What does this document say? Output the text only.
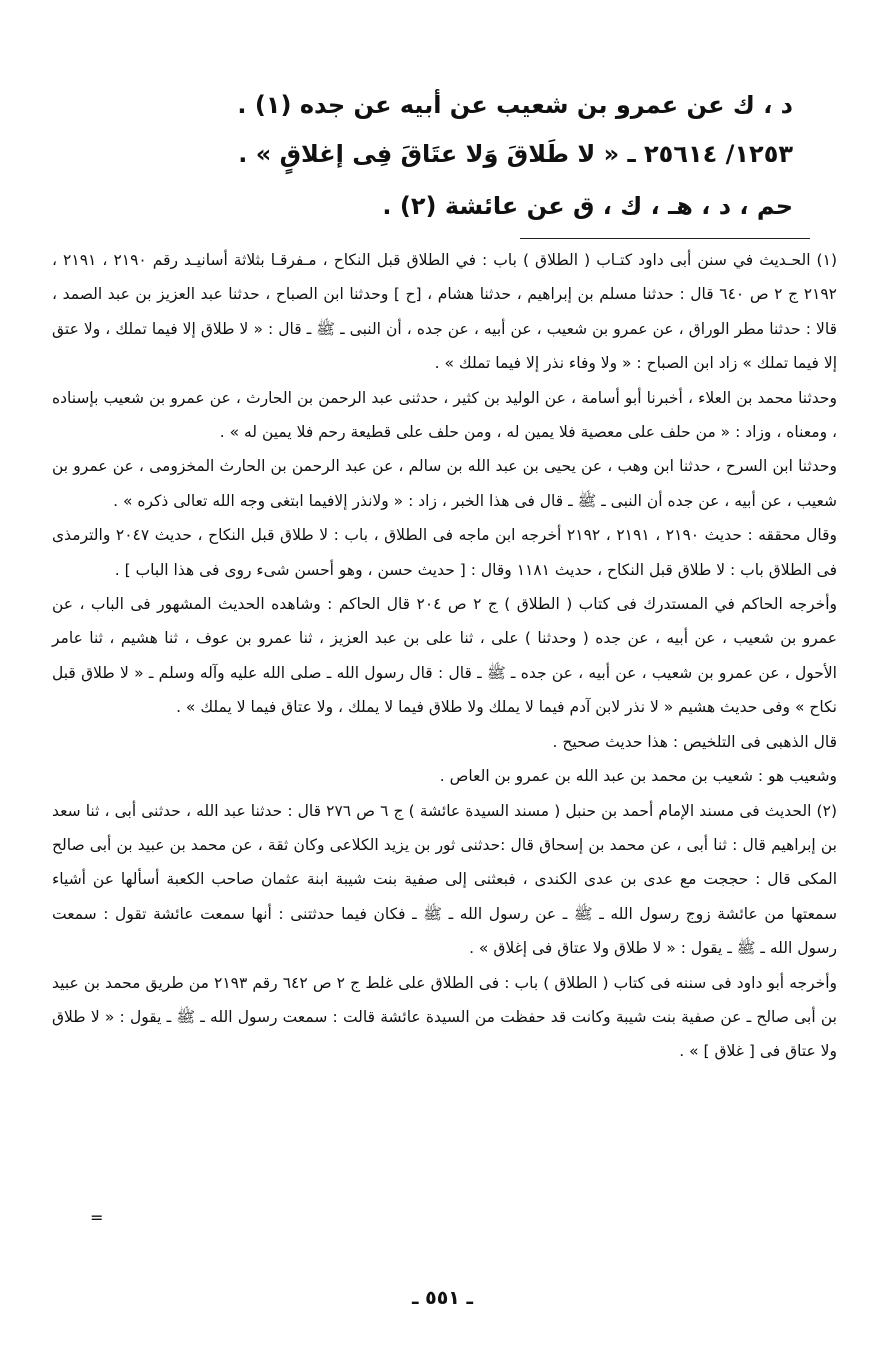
د ، ك عن عمرو بن شعيب عن أبيه عن جده (١) .

١٢٥٣/ ٢٥٦١٤ ـ « لا طَلاقَ وَلا عتَاقَ فِى إغلاقٍ » .

حم ، د ، هـ ، ك ، ق عن عائشة (٢) .

(١) الحـديث في سنن أبى داود كتـاب ( الطلاق ) باب : في الطلاق قبل النكاح ، مـفرقـا بثلاثة أسانيـد رقم ٢١٩٠ ، ٢١٩١ ، ٢١٩٢ ج ٢ ص ٦٤٠ قال : حدثنا مسلم بن إبراهيم ، حدثنا هشام ، [ح ] وحدثنا ابن الصباح ، حدثنا عبد العزيز بن عبد الصمد ، قالا : حدثنا مطر الوراق ، عن عمرو بن شعيب ، عن أبيه ، عن جده ، أن النبى ـ ﷺ ـ قال : « لا طلاق إلا فيما تملك ، ولا عتق إلا فيما تملك » زاد ابن الصباح : « ولا وفاء نذر إلا فيما تملك » .

وحدثنا محمد بن العلاء ، أخبرنا أبو أسامة ، عن الوليد بن كثير ، حدثنى عبد الرحمن بن الحارث ، عن عمرو بن شعيب بإسناده ، ومعناه ، وزاد : « من حلف على معصية فلا يمين له ، ومن حلف على قطيعة رحم فلا يمين له » .

وحدثنا ابن السرح ، حدثنا ابن وهب ، عن يحيى بن عبد الله بن سالم ، عن عبد الرحمن بن الحارث المخزومى ، عن عمرو بن شعيب ، عن أبيه ، عن جده أن النبى ـ ﷺ ـ قال فى هذا الخبر ، زاد : « ولانذر إلافيما ابتغى وجه الله تعالى ذكره » .

وقال محققه : حديث ٢١٩٠ ، ٢١٩١ ، ٢١٩٢ أخرجه ابن ماجه فى الطلاق ، باب : لا طلاق قبل النكاح ، حديث ٢٠٤٧ والترمذى فى الطلاق باب : لا طلاق قبل النكاح ، حديث ١١٨١ وقال : [ حديث حسن ، وهو أحسن شىء روى فى هذا الباب ] .

وأخرجه الحاكم في المستدرك فى كتاب ( الطلاق ) ج ٢ ص ٢٠٤ قال الحاكم : وشاهده الحديث المشهور فى الباب ، عن عمرو بن شعيب ، عن أبيه ، عن جده ( وحدثنا ) على ، ثنا على بن عبد العزيز ، ثنا عمرو بن عوف ، ثنا هشيم ، ثنا عامر الأحول ، عن عمرو بن شعيب ، عن أبيه ، عن جده ـ ﷺ ـ قال : قال رسول الله ـ صلى الله عليه وآله وسلم ـ « لا طلاق قبل نكاح » وفى حديث هشيم « لا نذر لابن آدم فيما لا يملك ولا طلاق فيما لا يملك ، ولا عتاق فيما لا يملك » .

قال الذهبى فى التلخيص : هذا حديث صحيح .

وشعيب هو : شعيب بن محمد بن عبد الله بن عمرو بن العاص .

(٢) الحديث فى مسند الإمام أحمد بن حنبل ( مسند السيدة عائشة ) ج ٦ ص ٢٧٦ قال : حدثنا عبد الله ، حدثنى أبى ، ثنا سعد بن إبراهيم قال : ثنا أبى ، عن محمد بن إسحاق قال :حدثنى ثور بن يزيد الكلاعى وكان ثقة ، عن محمد بن عبيد بن أبى صالح المكى قال : حججت مع عدى بن عدى الكندى ، فبعثنى إلى صفية بنت شيبة ابنة عثمان صاحب الكعبة أسألها عن أشياء سمعتها من عائشة زوج رسول الله ـ ﷺ ـ عن رسول الله ـ ﷺ ـ فكان فيما حدثتنى : أنها سمعت عائشة تقول : سمعت رسول الله ـ ﷺ ـ يقول : « لا طلاق ولا عتاق فى إغلاق » .

وأخرجه أبو داود فى سننه فى كتاب ( الطلاق ) باب : فى الطلاق على غلط ج ٢ ص ٦٤٢ رقم ٢١٩٣ من طريق محمد بن عبيد بن أبى صالح ـ عن صفية بنت شيبة وكانت قد حفظت من السيدة عائشة قالت : سمعت رسول الله ـ ﷺ ـ يقول : « لا طلاق ولا عتاق فى [ غلاق ] » .

=
ـ ٥٥١ ـ
